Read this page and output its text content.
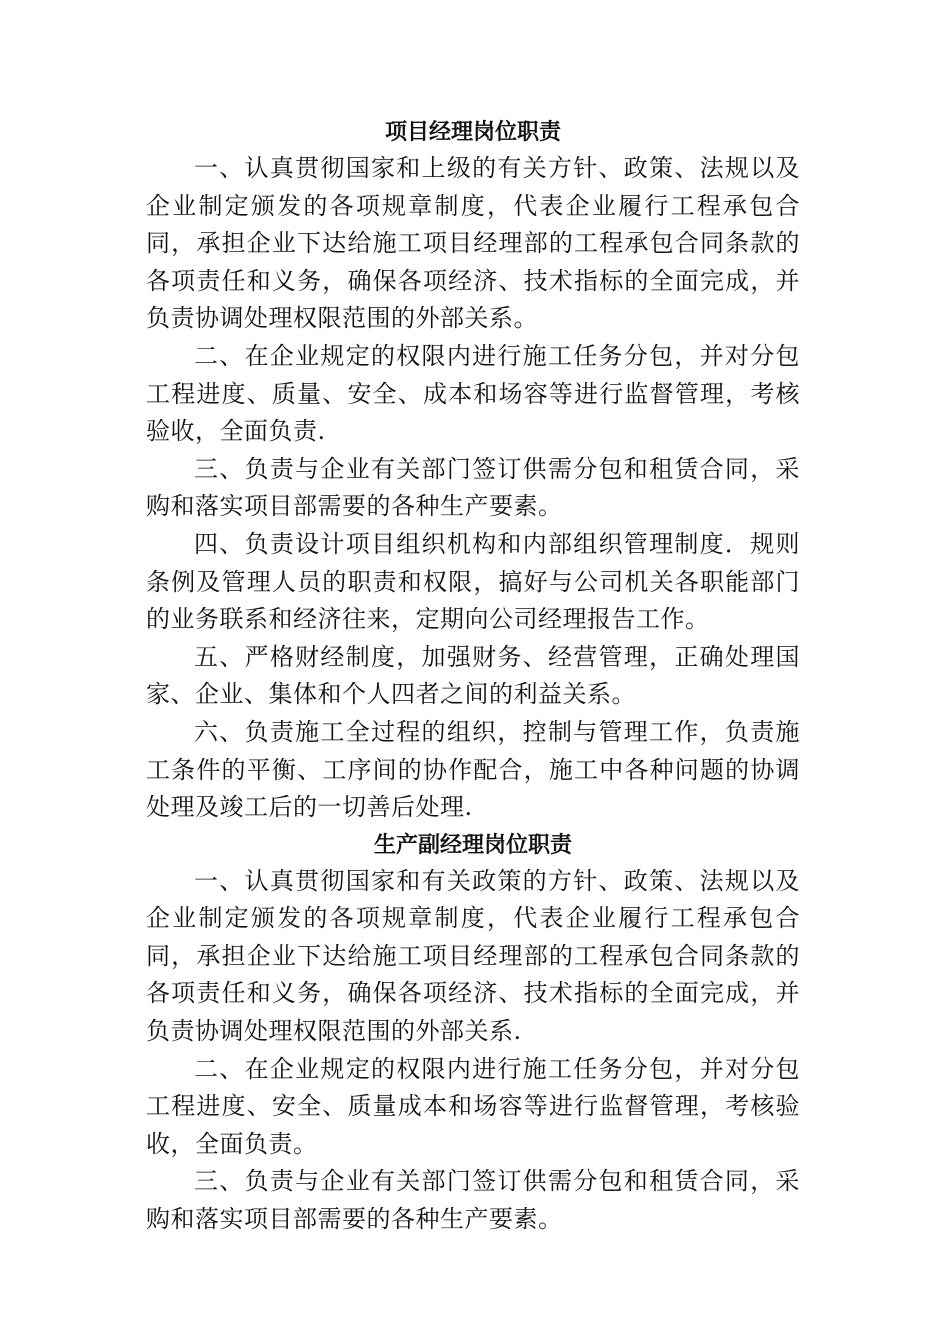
项目经理岗位职责

一、认真贯彻国家和上级的有关方针、政策、法规以及企业制定颁发的各项规章制度，代表企业履行工程承包合同，承担企业下达给施工项目经理部的工程承包合同条款的各项责任和义务，确保各项经济、技术指标的全面完成，并负责协调处理权限范围的外部关系。

二、在企业规定的权限内进行施工任务分包，并对分包工程进度、质量、安全、成本和场容等进行监督管理，考核验收，全面负责.

三、负责与企业有关部门签订供需分包和租赁合同，采购和落实项目部需要的各种生产要素。

四、负责设计项目组织机构和内部组织管理制度．规则条例及管理人员的职责和权限，搞好与公司机关各职能部门的业务联系和经济往来，定期向公司经理报告工作。

五、严格财经制度，加强财务、经营管理，正确处理国家、企业、集体和个人四者之间的利益关系。

六、负责施工全过程的组织，控制与管理工作，负责施工条件的平衡、工序间的协作配合，施工中各种问题的协调处理及竣工后的一切善后处理.

生产副经理岗位职责

一、认真贯彻国家和有关政策的方针、政策、法规以及企业制定颁发的各项规章制度，代表企业履行工程承包合同，承担企业下达给施工项目经理部的工程承包合同条款的各项责任和义务，确保各项经济、技术指标的全面完成，并负责协调处理权限范围的外部关系.

二、在企业规定的权限内进行施工任务分包，并对分包工程进度、安全、质量成本和场容等进行监督管理，考核验收，全面负责。

三、负责与企业有关部门签订供需分包和租赁合同，采购和落实项目部需要的各种生产要素。
